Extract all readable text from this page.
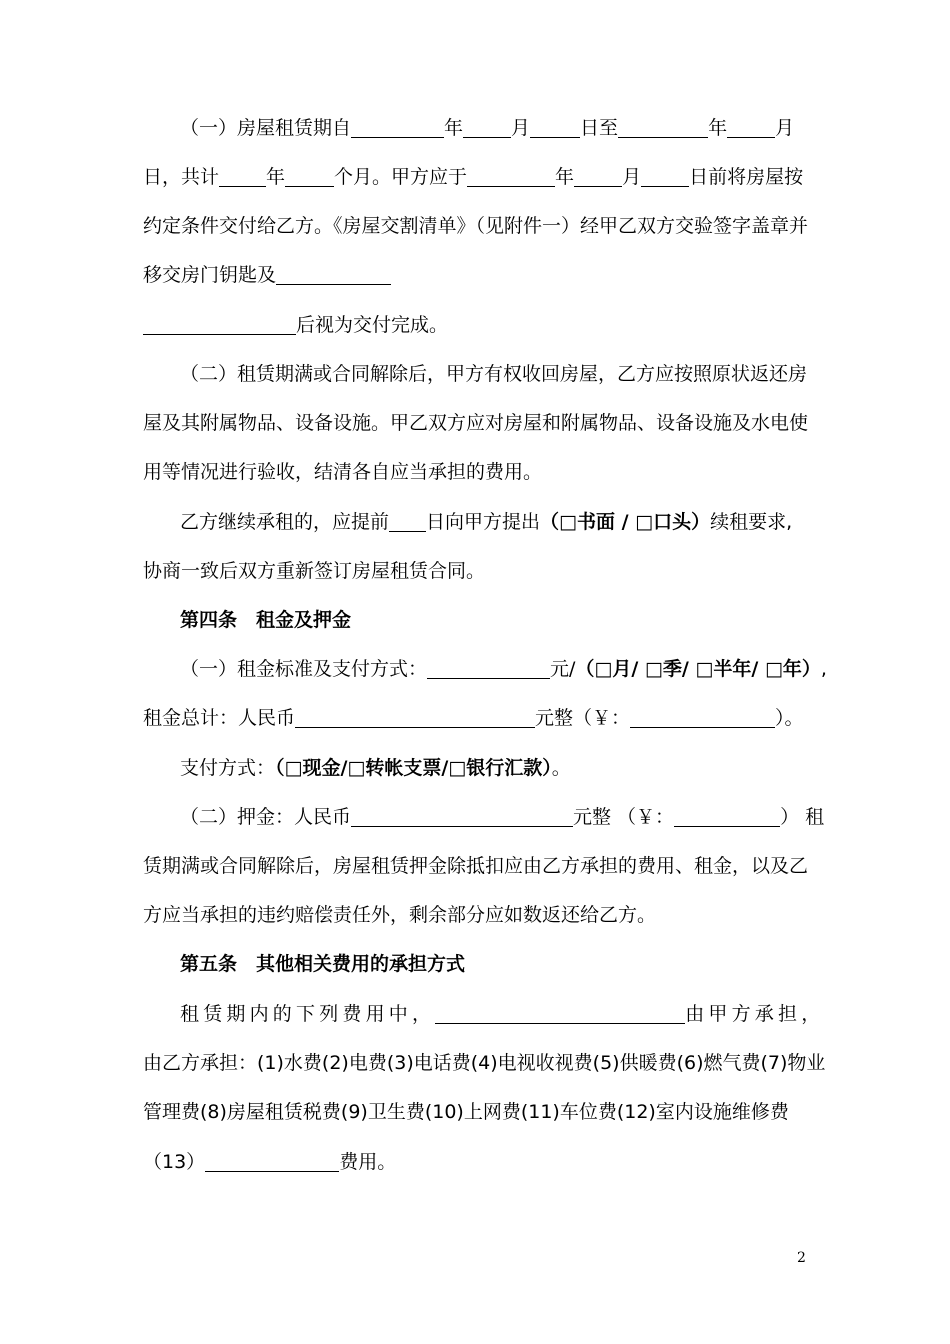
（一）房屋租赁期自	年	月	日至	年	月
日，共计 年	个月。甲方应于	年	月	日前将房屋按
约定条件交付给乙方。《房屋交割清单》（见附件一）经甲乙双方交验签字盖章并
移交房门钥匙及
后视为交付完成。
（二）租赁期满或合同解除后，甲方有权收回房屋，乙方应按照原状返还房
屋及其附属物品、设备设施。甲乙双方应对房屋和附属物品、设备设施及水电使
用等情况进行验收，结清各自应当承担的费用。
乙方继续承租的，应提前 日向甲方提出（□书面 / □口头）续租要求,
协商一致后双方重新签订房屋租赁合同。
第四条　租金及押金
（一）租金标准及支付方式：	元/（□月/ □季/ □半年/ □年）,
租金总计：人民币	元整（￥：	）。
支付方式：（□现金/□转帐支票/□银行汇款）。
（二）押金：人民币	元整 （￥：	） 租
赁期满或合同解除后，房屋租赁押金除抵扣应由乙方承担的费用、租金，以及乙
方应当承担的违约赔偿责任外，剩余部分应如数返还给乙方。
第五条　其他相关费用的承担方式
租赁期内的下列费用中，	由甲方承担，
由乙方承担：(1)水费(2)电费(3)电话费(4)电视收视费(5)供暖费(6)燃气费(7)物业
管理费(8)房屋租赁税费(9)卫生费(10)上网费(11)车位费(12)室内设施维修费
（13）	费用。
2
